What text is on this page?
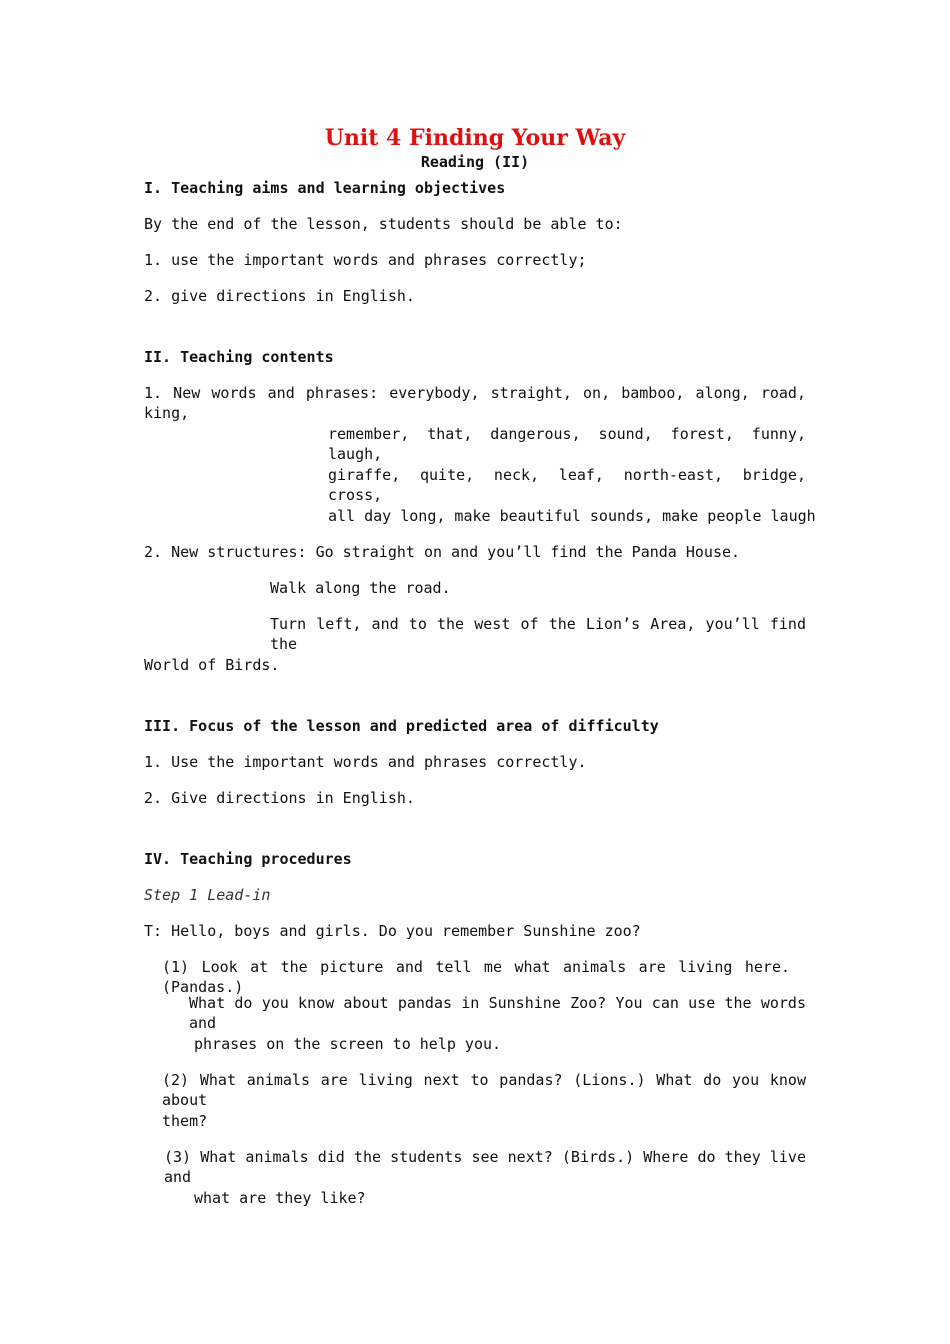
Unit 4 Finding Your Way
Reading (II)
I. Teaching aims and learning objectives
By the end of the lesson, students should be able to:
1. use the important words and phrases correctly;
2. give directions in English.
II. Teaching contents
1. New words and phrases: everybody, straight, on, bamboo, along, road, king,
remember, that, dangerous, sound, forest, funny, laugh,
giraffe, quite, neck, leaf, north-east, bridge, cross,
all day long, make beautiful sounds, make people laugh
2. New structures: Go straight on and you’ll find the Panda House.
Walk along the road.
Turn left, and to the west of the Lion’s Area, you’ll find the
World of Birds.
III. Focus of the lesson and predicted area of difficulty
1. Use the important words and phrases correctly.
2. Give directions in English.
IV. Teaching procedures
Step 1 Lead-in
T: Hello, boys and girls. Do you remember Sunshine zoo?
(1) Look at the picture and tell me what animals are living here. (Pandas.)
What do you know about pandas in Sunshine Zoo? You can use the words and
phrases on the screen to help you.
(2) What animals are living next to pandas? (Lions.) What do you know about
them?
(3) What animals did the students see next? (Birds.) Where do they live and
what are they like?
